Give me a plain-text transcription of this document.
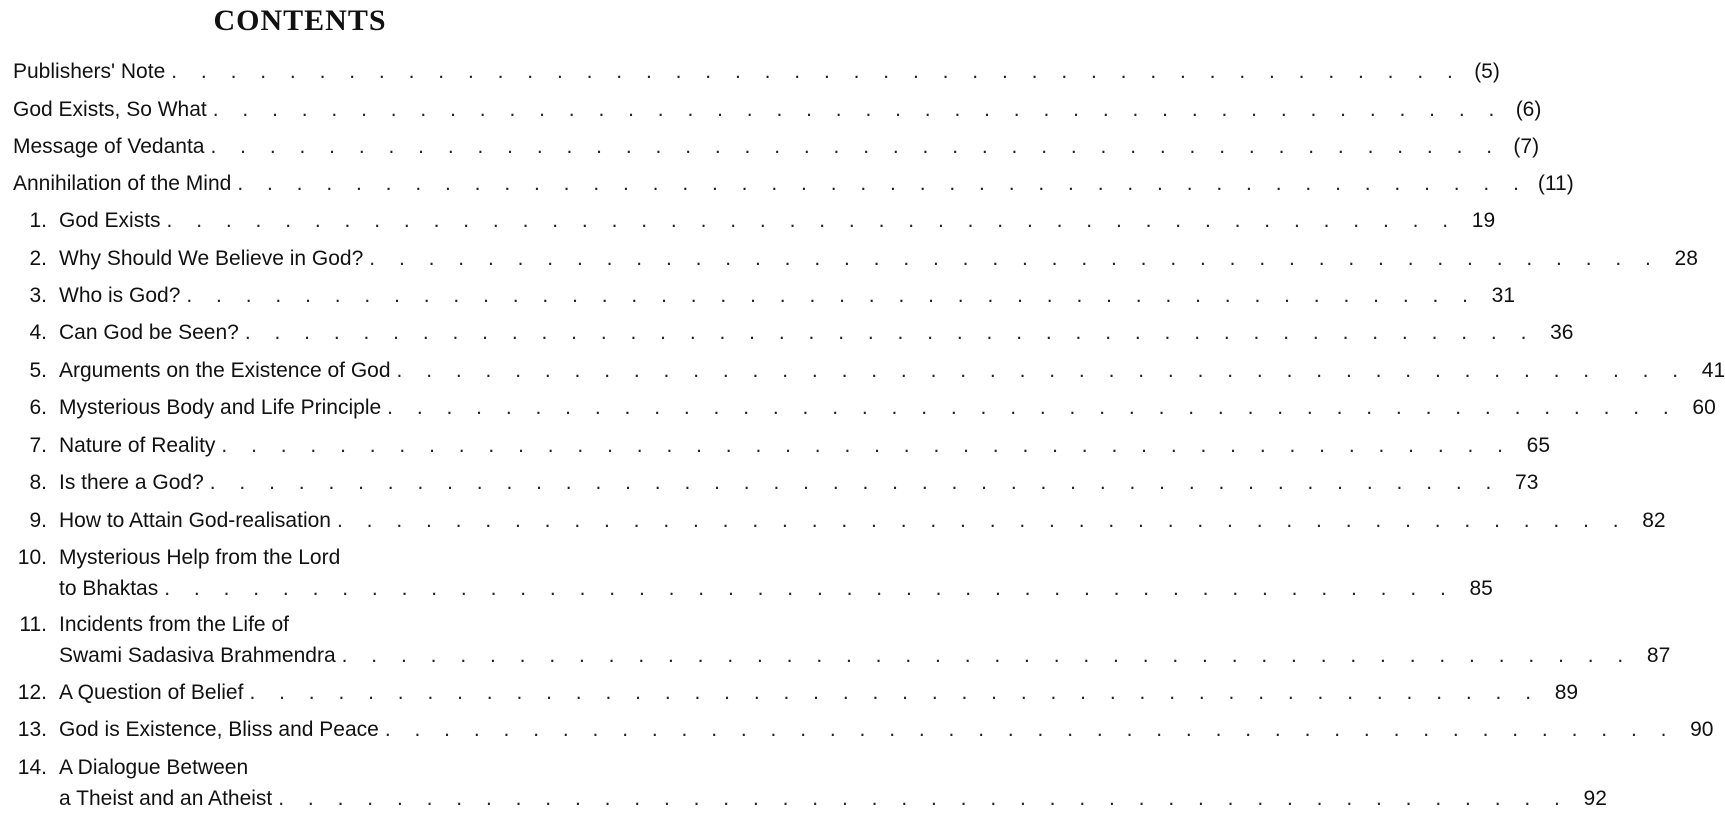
CONTENTS
Publishers' Note . . . . . . . . . . . . . . . . . . . . . . . . . . . . . . . . . . . . . . . . . . . . (5)
God Exists, So What . . . . . . . . . . . . . . . . . . . . . . . . . . . . . . . . . . . . . . . . . . . . (6)
Message of Vedanta . . . . . . . . . . . . . . . . . . . . . . . . . . . . . . . . . . . . . . . . . . . . (7)
Annihilation of the Mind . . . . . . . . . . . . . . . . . . . . . . . . . . . . . . . . . . . . . . . . . . . . (11)
1. God Exists . . . . . . . . . . . . . . . . . . . . . . . . . . . . . . . . . . . . . . . . . . . . 19
2. Why Should We Believe in God? . . . . . . . . . . . . . . . . . . . . . . . . . . . . . . . . . . . . . . . . . . . . 28
3. Who is God? . . . . . . . . . . . . . . . . . . . . . . . . . . . . . . . . . . . . . . . . . . . . 31
4. Can God be Seen? . . . . . . . . . . . . . . . . . . . . . . . . . . . . . . . . . . . . . . . . . . . . 36
5. Arguments on the Existence of God . . . . . . . . . . . . . . . . . . . . . . . . . . . . . . . . . . . . . . . . . . . . 41
6. Mysterious Body and Life Principle . . . . . . . . . . . . . . . . . . . . . . . . . . . . . . . . . . . . . . . . . . . . 60
7. Nature of Reality . . . . . . . . . . . . . . . . . . . . . . . . . . . . . . . . . . . . . . . . . . . . 65
8. Is there a God? . . . . . . . . . . . . . . . . . . . . . . . . . . . . . . . . . . . . . . . . . . . . 73
9. How to Attain God-realisation . . . . . . . . . . . . . . . . . . . . . . . . . . . . . . . . . . . . . . . . . . . . 82
10. Mysterious Help from the Lord
to Bhaktas . . . . . . . . . . . . . . . . . . . . . . . . . . . . . . . . . . . . . . . . . . . . 85
11. Incidents from the Life of
Swami Sadasiva Brahmendra . . . . . . . . . . . . . . . . . . . . . . . . . . . . . . . . . . . . . . . . . . . . 87
12. A Question of Belief . . . . . . . . . . . . . . . . . . . . . . . . . . . . . . . . . . . . . . . . . . . . 89
13. God is Existence, Bliss and Peace . . . . . . . . . . . . . . . . . . . . . . . . . . . . . . . . . . . . . . . . . . . . 90
14. A Dialogue Between
a Theist and an Atheist . . . . . . . . . . . . . . . . . . . . . . . . . . . . . . . . . . . . . . . . . . . . 92
